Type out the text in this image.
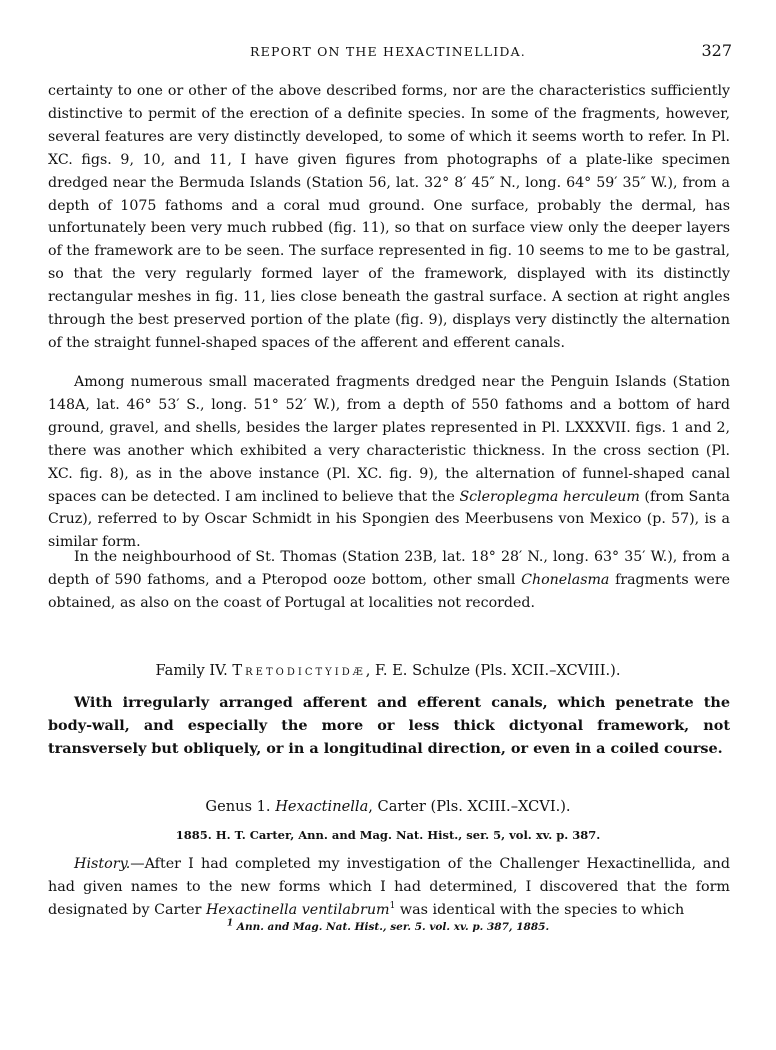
REPORT ON THE HEXACTINELLIDA.	327

certainty to one or other of the above described forms, nor are the characteristics sufficiently distinctive to permit of the erection of a definite species. In some of the fragments, however, several features are very distinctly developed, to some of which it seems worth to refer. In Pl. XC. figs. 9, 10, and 11, I have given figures from photographs of a plate-like specimen dredged near the Bermuda Islands (Station 56, lat. 32° 8′ 45″ N., long. 64° 59′ 35″ W.), from a depth of 1075 fathoms and a coral mud ground. One surface, probably the dermal, has unfortunately been very much rubbed (fig. 11), so that on surface view only the deeper layers of the framework are to be seen. The surface represented in fig. 10 seems to me to be gastral, so that the very regularly formed layer of the framework, displayed with its distinctly rectangular meshes in fig. 11, lies close beneath the gastral surface. A section at right angles through the best preserved portion of the plate (fig. 9), displays very distinctly the alternation of the straight funnel-shaped spaces of the afferent and efferent canals.

Among numerous small macerated fragments dredged near the Penguin Islands (Station 148A, lat. 46° 53′ S., long. 51° 52′ W.), from a depth of 550 fathoms and a bottom of hard ground, gravel, and shells, besides the larger plates represented in Pl. LXXXVII. figs. 1 and 2, there was another which exhibited a very characteristic thickness. In the cross section (Pl. XC. fig. 8), as in the above instance (Pl. XC. fig. 9), the alternation of funnel-shaped canal spaces can be detected. I am inclined to believe that the Scleroplegma herculeum (from Santa Cruz), referred to by Oscar Schmidt in his Spongien des Meerbusens von Mexico (p. 57), is a similar form.

In the neighbourhood of St. Thomas (Station 23B, lat. 18° 28′ N., long. 63° 35′ W.), from a depth of 590 fathoms, and a Pteropod ooze bottom, other small Chonelasma fragments were obtained, as also on the coast of Portugal at localities not recorded.

Family IV. Tretodictyidæ, F. E. Schulze (Pls. XCII.–XCVIII.).

With irregularly arranged afferent and efferent canals, which penetrate the body-wall, and especially the more or less thick dictyonal framework, not transversely but obliquely, or in a longitudinal direction, or even in a coiled course.

Genus 1. Hexactinella, Carter (Pls. XCIII.–XCVI.).
1885. H. T. Carter, Ann. and Mag. Nat. Hist., ser. 5, vol. xv. p. 387.

History.—After I had completed my investigation of the Challenger Hexactinellida, and had given names to the new forms which I had determined, I discovered that the form designated by Carter Hexactinella ventilabrum$^1$ was identical with the species to which

$^1$ Ann. and Mag. Nat. Hist., ser. 5. vol. xv. p. 387, 1885.
